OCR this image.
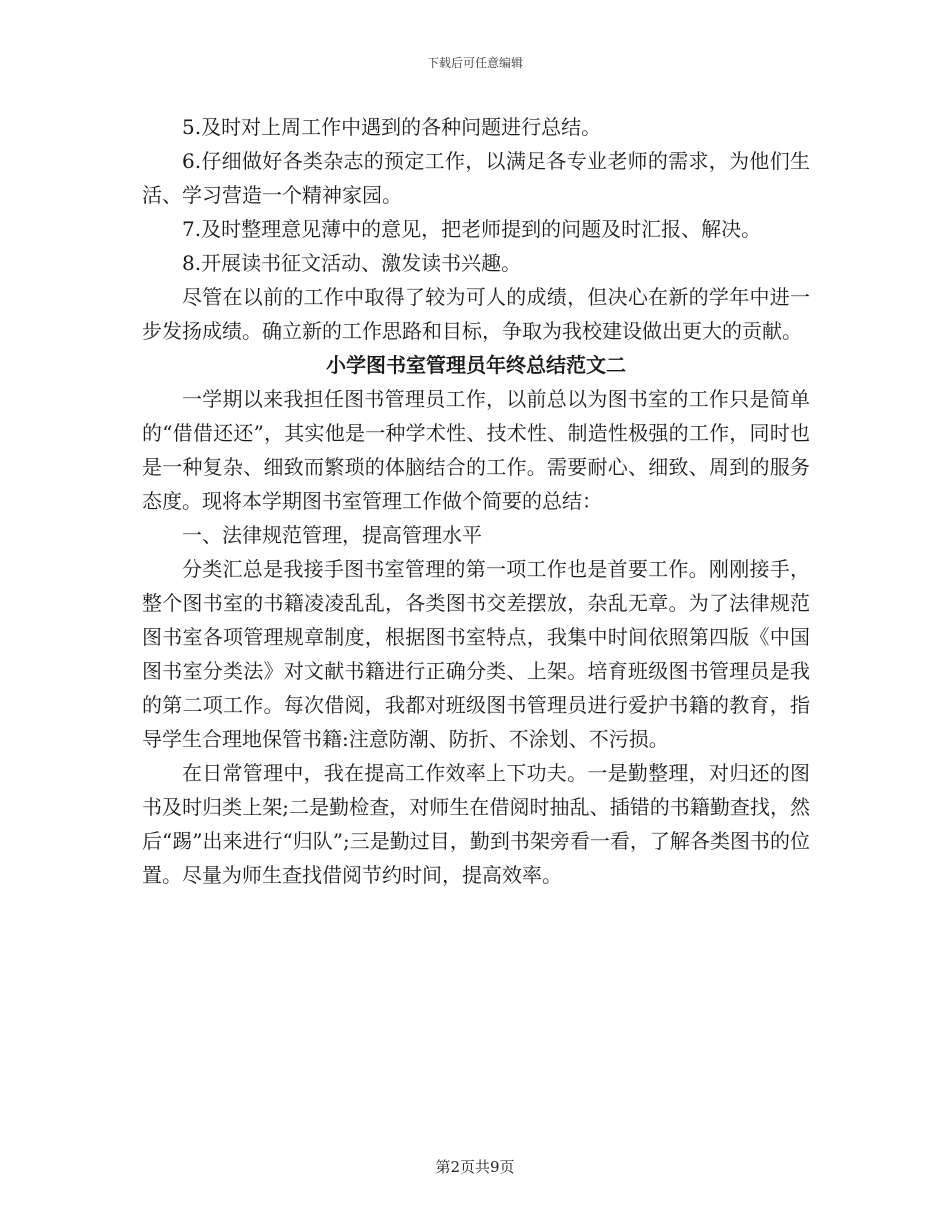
下载后可任意编辑

5.及时对上周工作中遇到的各种问题进行总结。

6.仔细做好各类杂志的预定工作，以满足各专业老师的需求，为他们生活、学习营造一个精神家园。

7.及时整理意见薄中的意见，把老师提到的问题及时汇报、解决。

8.开展读书征文活动、激发读书兴趣。

尽管在以前的工作中取得了较为可人的成绩，但决心在新的学年中进一步发扬成绩。确立新的工作思路和目标，争取为我校建设做出更大的贡献。

小学图书室管理员年终总结范文二

一学期以来我担任图书管理员工作，以前总以为图书室的工作只是简单的“借借还还”，其实他是一种学术性、技术性、制造性极强的工作，同时也是一种复杂、细致而繁琐的体脑结合的工作。需要耐心、细致、周到的服务态度。现将本学期图书室管理工作做个简要的总结：

一、法律规范管理，提高管理水平

分类汇总是我接手图书室管理的第一项工作也是首要工作。刚刚接手，整个图书室的书籍凌凌乱乱，各类图书交差摆放，杂乱无章。为了法律规范图书室各项管理规章制度，根据图书室特点，我集中时间依照第四版《中国图书室分类法》对文献书籍进行正确分类、上架。培育班级图书管理员是我的第二项工作。每次借阅，我都对班级图书管理员进行爱护书籍的教育，指导学生合理地保管书籍:注意防潮、防折、不涂划、不污损。

在日常管理中，我在提高工作效率上下功夫。一是勤整理，对归还的图书及时归类上架;二是勤检查，对师生在借阅时抽乱、插错的书籍勤查找，然后“踢”出来进行“归队”;三是勤过目，勤到书架旁看一看，了解各类图书的位置。尽量为师生查找借阅节约时间，提高效率。

第2页共9页
